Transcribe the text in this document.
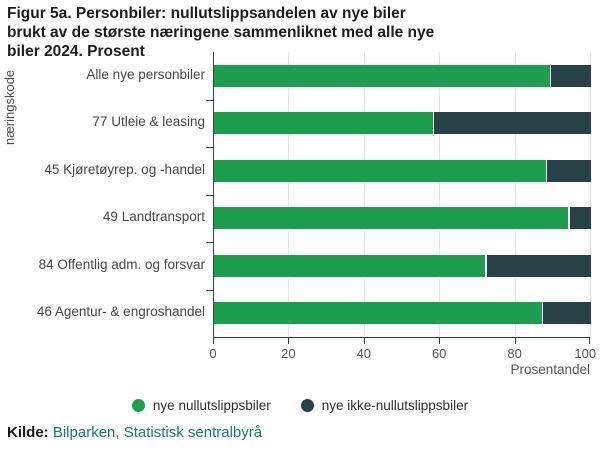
Figur 5a. Personbiler: nullutslippsandelen av nye biler brukt av de største næringene sammenliknet med alle nye biler 2024. Prosent
næringskode	Alle nye personbiler
77 Utleie & leasing
45 Kjøretøyrep. og -handel
49 Landtransport
84 Offentlig adm. og forsvar
46 Agentur- & engroshandel
0	20	40	60	80	100
Prosentandel
nye nullutslippsbiler	nye ikke-nullutslippsbiler
Kilde: Bilparken, Statistisk sentralbyrå
